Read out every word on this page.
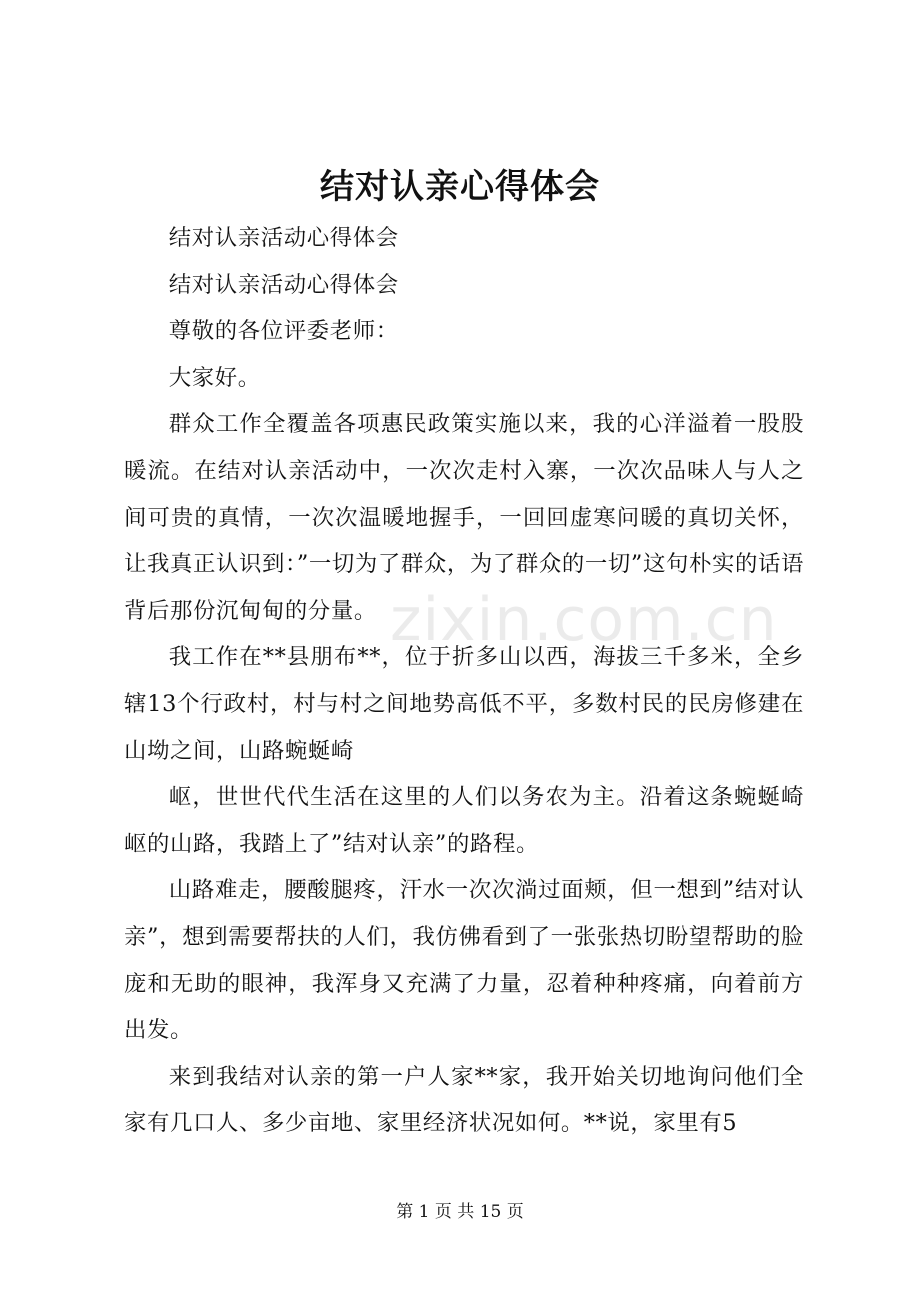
结对认亲心得体会

结对认亲活动心得体会

结对认亲活动心得体会

尊敬的各位评委老师：

大家好。

群众工作全覆盖各项惠民政策实施以来，我的心洋溢着一股股暖流。在结对认亲活动中，一次次走村入寨，一次次品味人与人之间可贵的真情，一次次温暖地握手，一回回虚寒问暖的真切关怀，让我真正认识到：”一切为了群众，为了群众的一切”这句朴实的话语背后那份沉甸甸的分量。

我工作在**县朋布**，位于折多山以西，海拔三千多米，全乡辖13个行政村，村与村之间地势高低不平，多数村民的民房修建在山坳之间，山路蜿蜒崎

岖，世世代代生活在这里的人们以务农为主。沿着这条蜿蜒崎岖的山路，我踏上了”结对认亲”的路程。

山路难走，腰酸腿疼，汗水一次次淌过面颊，但一想到”结对认亲”，想到需要帮扶的人们，我仿佛看到了一张张热切盼望帮助的脸庞和无助的眼神，我浑身又充满了力量，忍着种种疼痛，向着前方出发。

来到我结对认亲的第一户人家**家，我开始关切地询问他们全家有几口人、多少亩地、家里经济状况如何。**说，家里有5

zixin.com.cn
第 1 页 共 15 页
